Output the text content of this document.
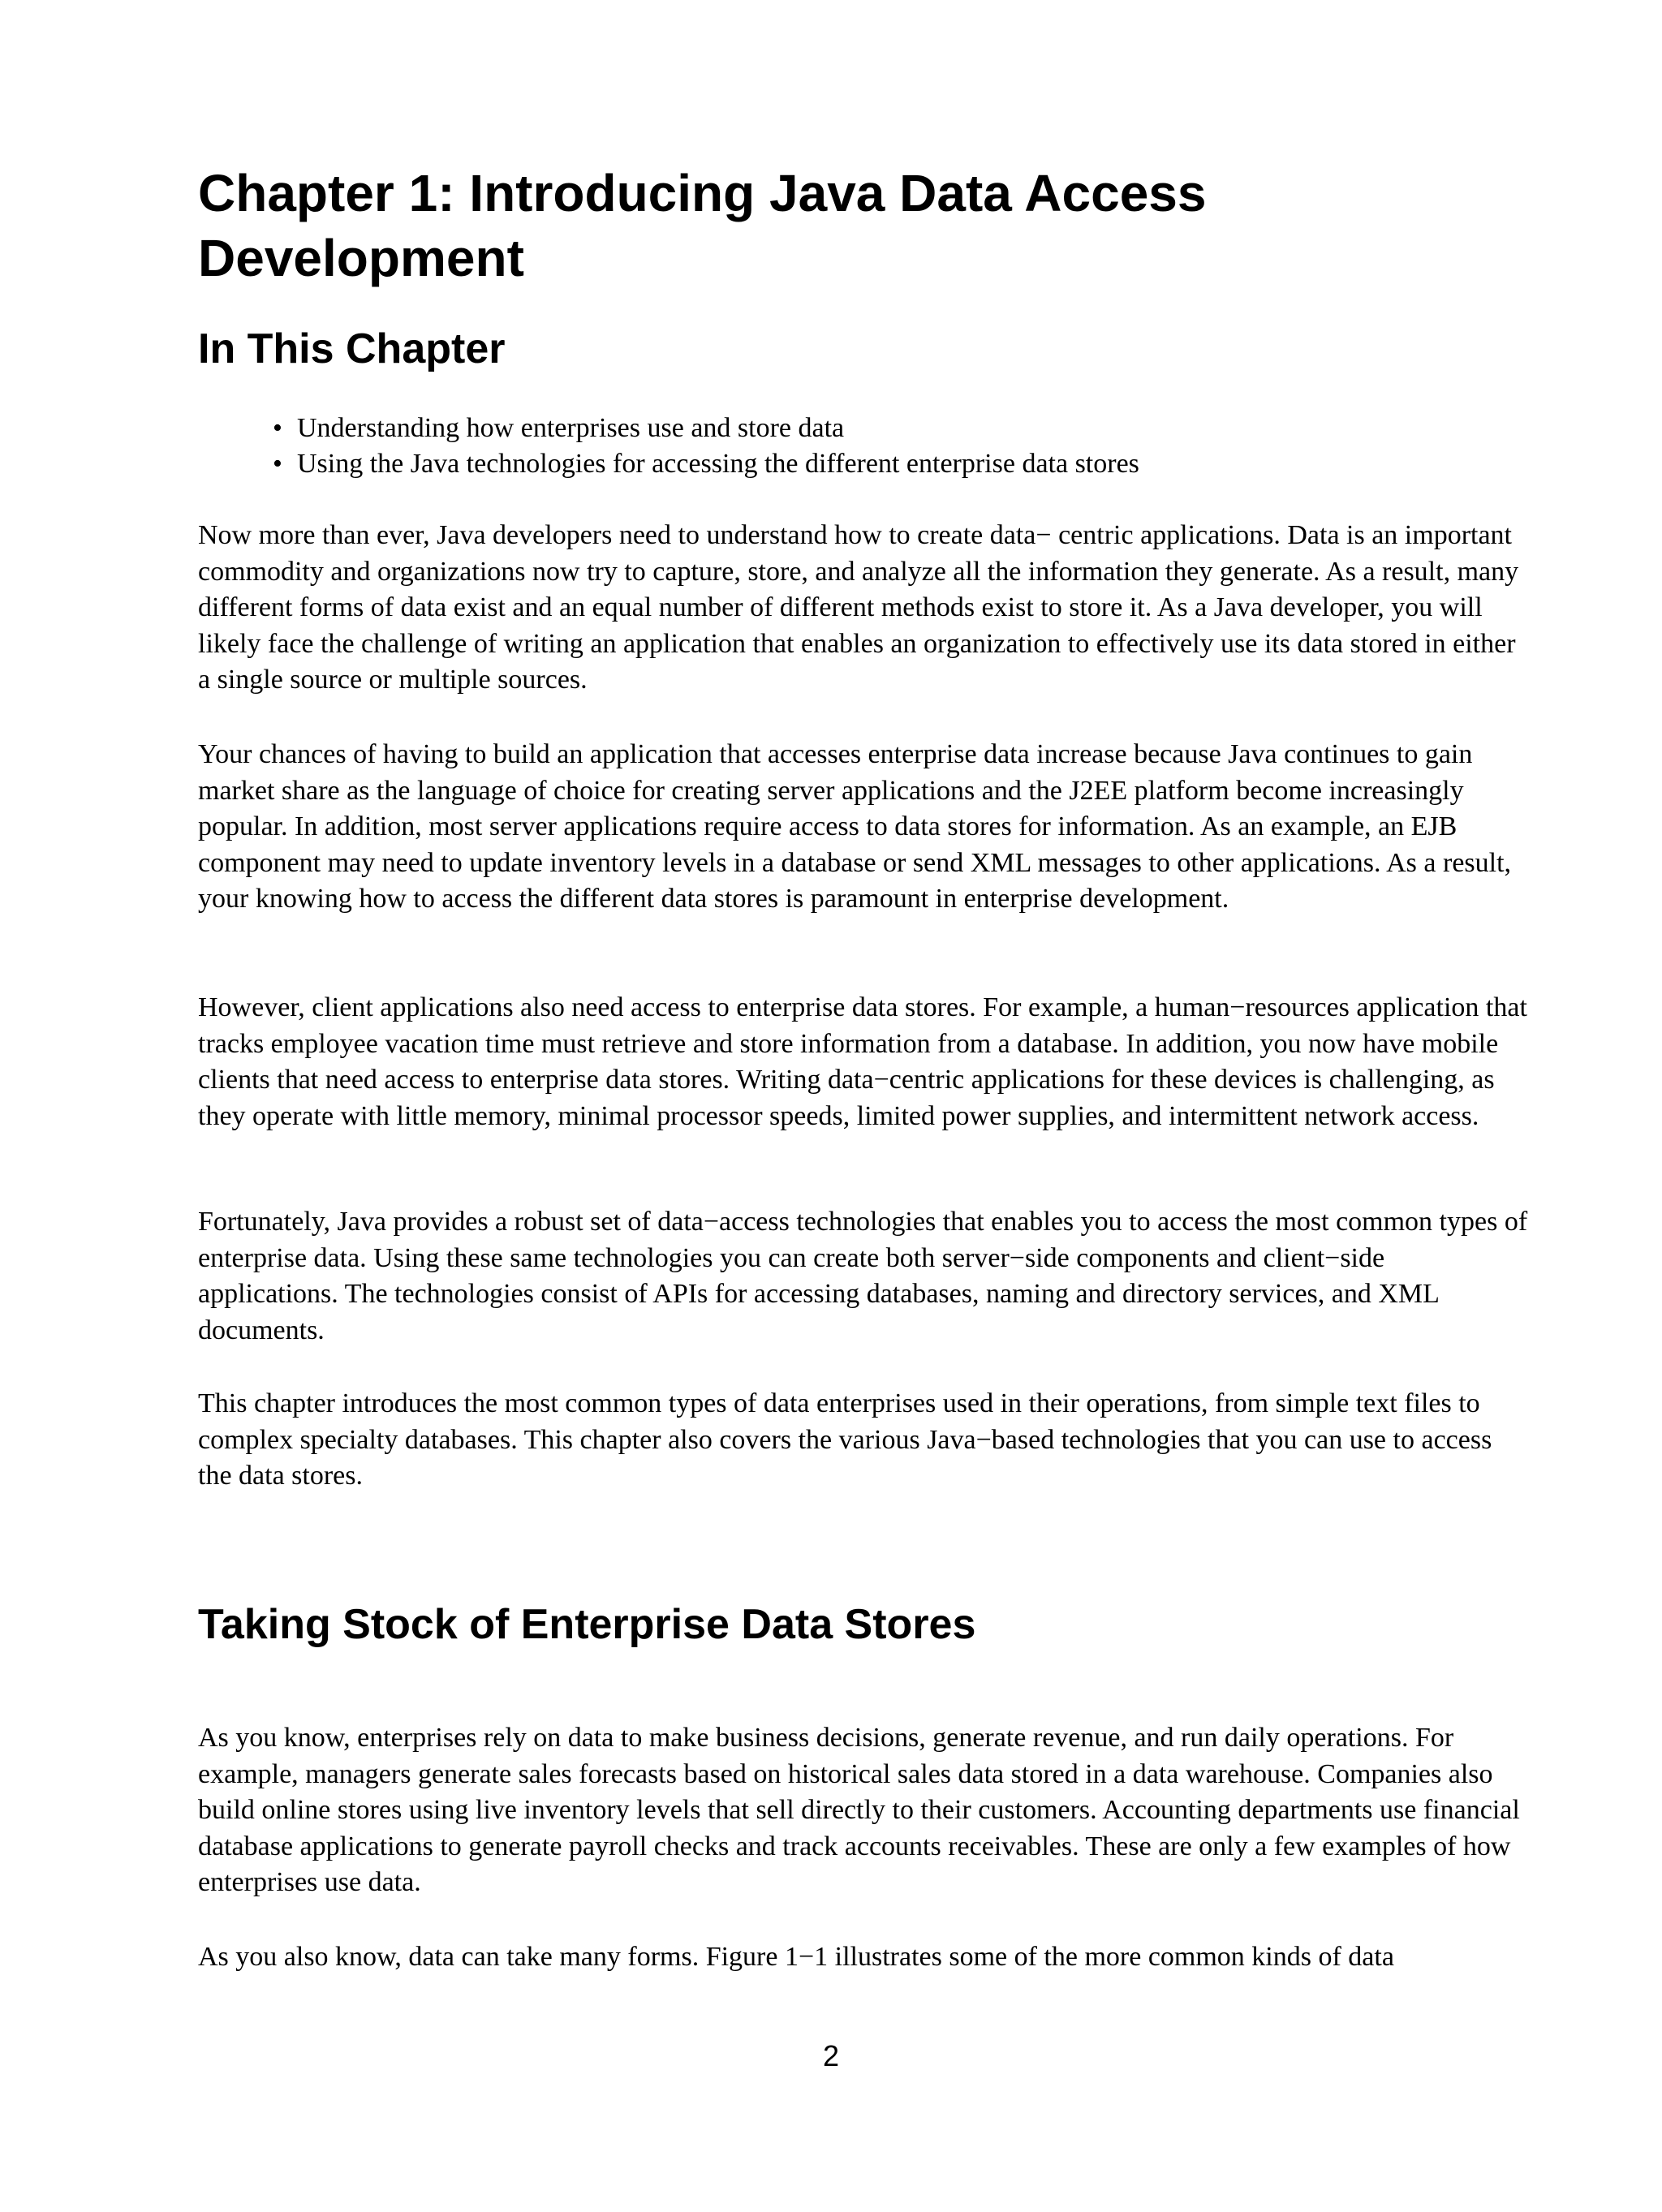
Chapter 1: Introducing Java Data Access Development
In This Chapter
• Understanding how enterprises use and store data
• Using the Java technologies for accessing the different enterprise data stores

Now more than ever, Java developers need to understand how to create data− centric applications. Data is an important commodity and organizations now try to capture, store, and analyze all the information they generate. As a result, many different forms of data exist and an equal number of different methods exist to store it. As a Java developer, you will likely face the challenge of writing an application that enables an organization to effectively use its data stored in either a single source or multiple sources.

Your chances of having to build an application that accesses enterprise data increase because Java continues to gain market share as the language of choice for creating server applications and the J2EE platform become increasingly popular. In addition, most server applications require access to data stores for information. As an example, an EJB component may need to update inventory levels in a database or send XML messages to other applications. As a result, your knowing how to access the different data stores is paramount in enterprise development.

However, client applications also need access to enterprise data stores. For example, a human−resources application that tracks employee vacation time must retrieve and store information from a database. In addition, you now have mobile clients that need access to enterprise data stores. Writing data−centric applications for these devices is challenging, as they operate with little memory, minimal processor speeds, limited power supplies, and intermittent network access.

Fortunately, Java provides a robust set of data−access technologies that enables you to access the most common types of enterprise data. Using these same technologies you can create both server−side components and client−side applications. The technologies consist of APIs for accessing databases, naming and directory services, and XML documents.

This chapter introduces the most common types of data enterprises used in their operations, from simple text files to complex specialty databases. This chapter also covers the various Java−based technologies that you can use to access the data stores.

Taking Stock of Enterprise Data Stores

As you know, enterprises rely on data to make business decisions, generate revenue, and run daily operations. For example, managers generate sales forecasts based on historical sales data stored in a data warehouse. Companies also build online stores using live inventory levels that sell directly to their customers. Accounting departments use financial database applications to generate payroll checks and track accounts receivables. These are only a few examples of how enterprises use data.

As you also know, data can take many forms. Figure 1−1 illustrates some of the more common kinds of data

2
